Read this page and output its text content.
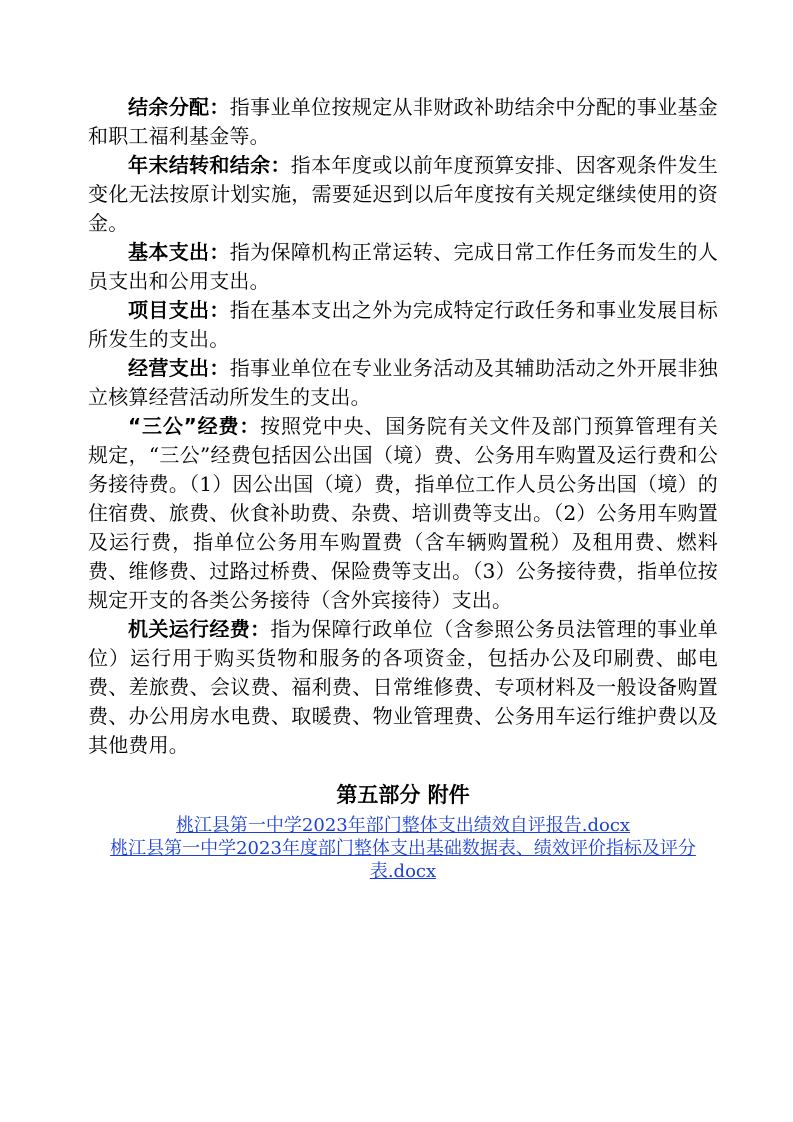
结余分配：指事业单位按规定从非财政补助结余中分配的事业基金和职工福利基金等。

年末结转和结余：指本年度或以前年度预算安排、因客观条件发生变化无法按原计划实施，需要延迟到以后年度按有关规定继续使用的资金。

基本支出：指为保障机构正常运转、完成日常工作任务而发生的人员支出和公用支出。

项目支出：指在基本支出之外为完成特定行政任务和事业发展目标所发生的支出。

经营支出：指事业单位在专业业务活动及其辅助活动之外开展非独立核算经营活动所发生的支出。

“三公”经费：按照党中央、国务院有关文件及部门预算管理有关规定，“三公”经费包括因公出国（境）费、公务用车购置及运行费和公务接待费。（1）因公出国（境）费，指单位工作人员公务出国（境）的住宿费、旅费、伙食补助费、杂费、培训费等支出。（2）公务用车购置及运行费，指单位公务用车购置费（含车辆购置税）及租用费、燃料费、维修费、过路过桥费、保险费等支出。（3）公务接待费，指单位按规定开支的各类公务接待（含外宾接待）支出。

机关运行经费：指为保障行政单位（含参照公务员法管理的事业单位）运行用于购买货物和服务的各项资金，包括办公及印刷费、邮电费、差旅费、会议费、福利费、日常维修费、专项材料及一般设备购置费、办公用房水电费、取暖费、物业管理费、公务用车运行维护费以及其他费用。

第五部分 附件
桃江县第一中学2023年部门整体支出绩效自评报告.docx
桃江县第一中学2023年度部门整体支出基础数据表、绩效评价指标及评分表.docx
